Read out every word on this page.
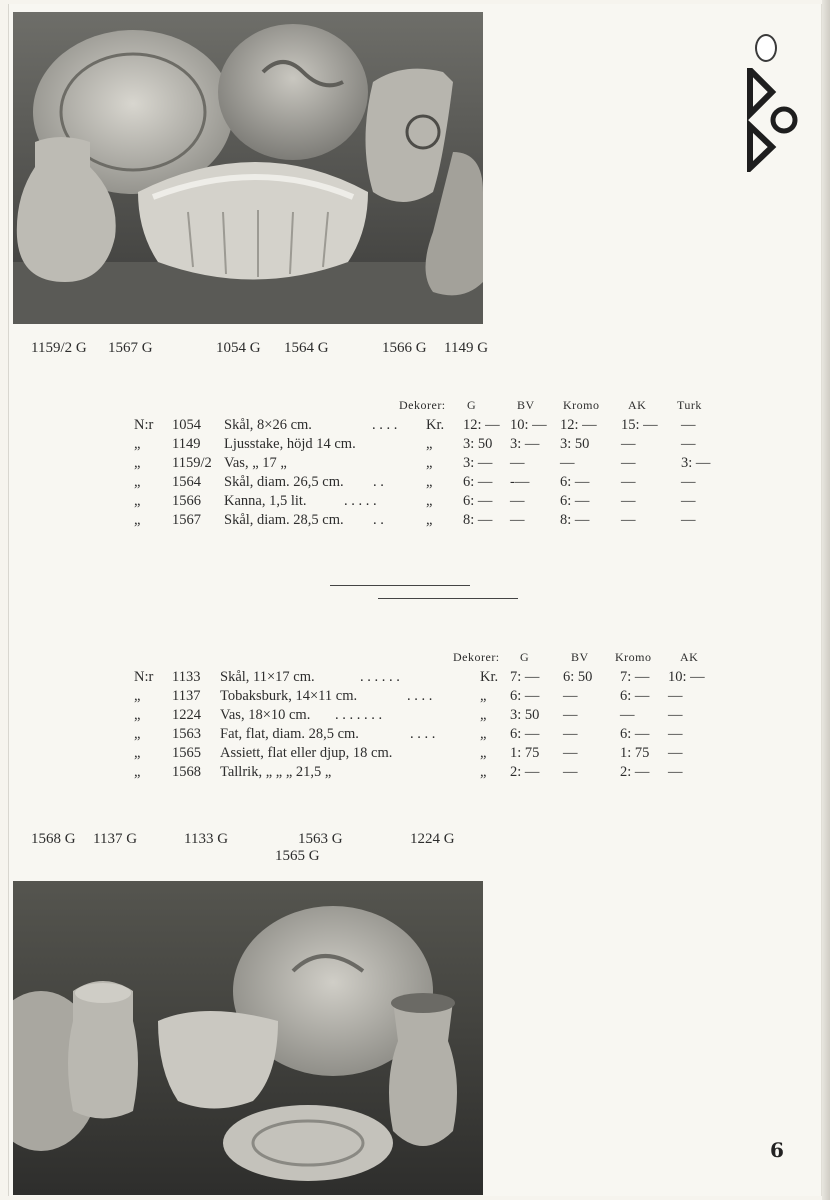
1159/2 G 1567 G	1054 G 1564 G	1566 G 1149 G
Dekorer: G	BV Kromo AK	Turk
N:r 1054 Skål, 8×26 cm.	. . . . Kr. 12: — 10: — 12: — 15: — —
„ 1149 Ljusstake, höjd 14 cm.	„ 3: 50 3: — 3: 50 —	—
„ 1159/2 Vas, „ 17 „	„ 3: — — —	—	3: —
„ 1564 Skål, diam. 26,5 cm. . .	„ 6: — -— 6: — —	—
„ 1566 Kanna, 1,5 lit.	. . . . .	„ 6: — — 6: — —	—
„ 1567 Skål, diam. 28,5 cm. . .	„ 8: — — 8: — —	—
Dekorer: G	BV Kromo AK
N:r 1133 Skål, 11×17 cm.	. . . . . .	Kr. 7: — 6: 50 7: — 10: —
„ 1137 Tobaksburk, 14×11 cm.	. . . .	„ 6: — —	6: — —
„ 1224 Vas, 18×10 cm. . . . . . . .	„ 3: 50 —	— —
„ 1563 Fat, flat, diam. 28,5 cm.	. . . .	„ 6: — —	6: — —
„ 1565 Assiett, flat eller djup, 18 cm.	„ 1: 75 —	1: 75 —
„ 1568 Tallrik, „ „ „ 21,5 „	„ 2: — —	2: — —
1568 G 1137 G	1133 G	1563 G
1565 G
1224 G
6
